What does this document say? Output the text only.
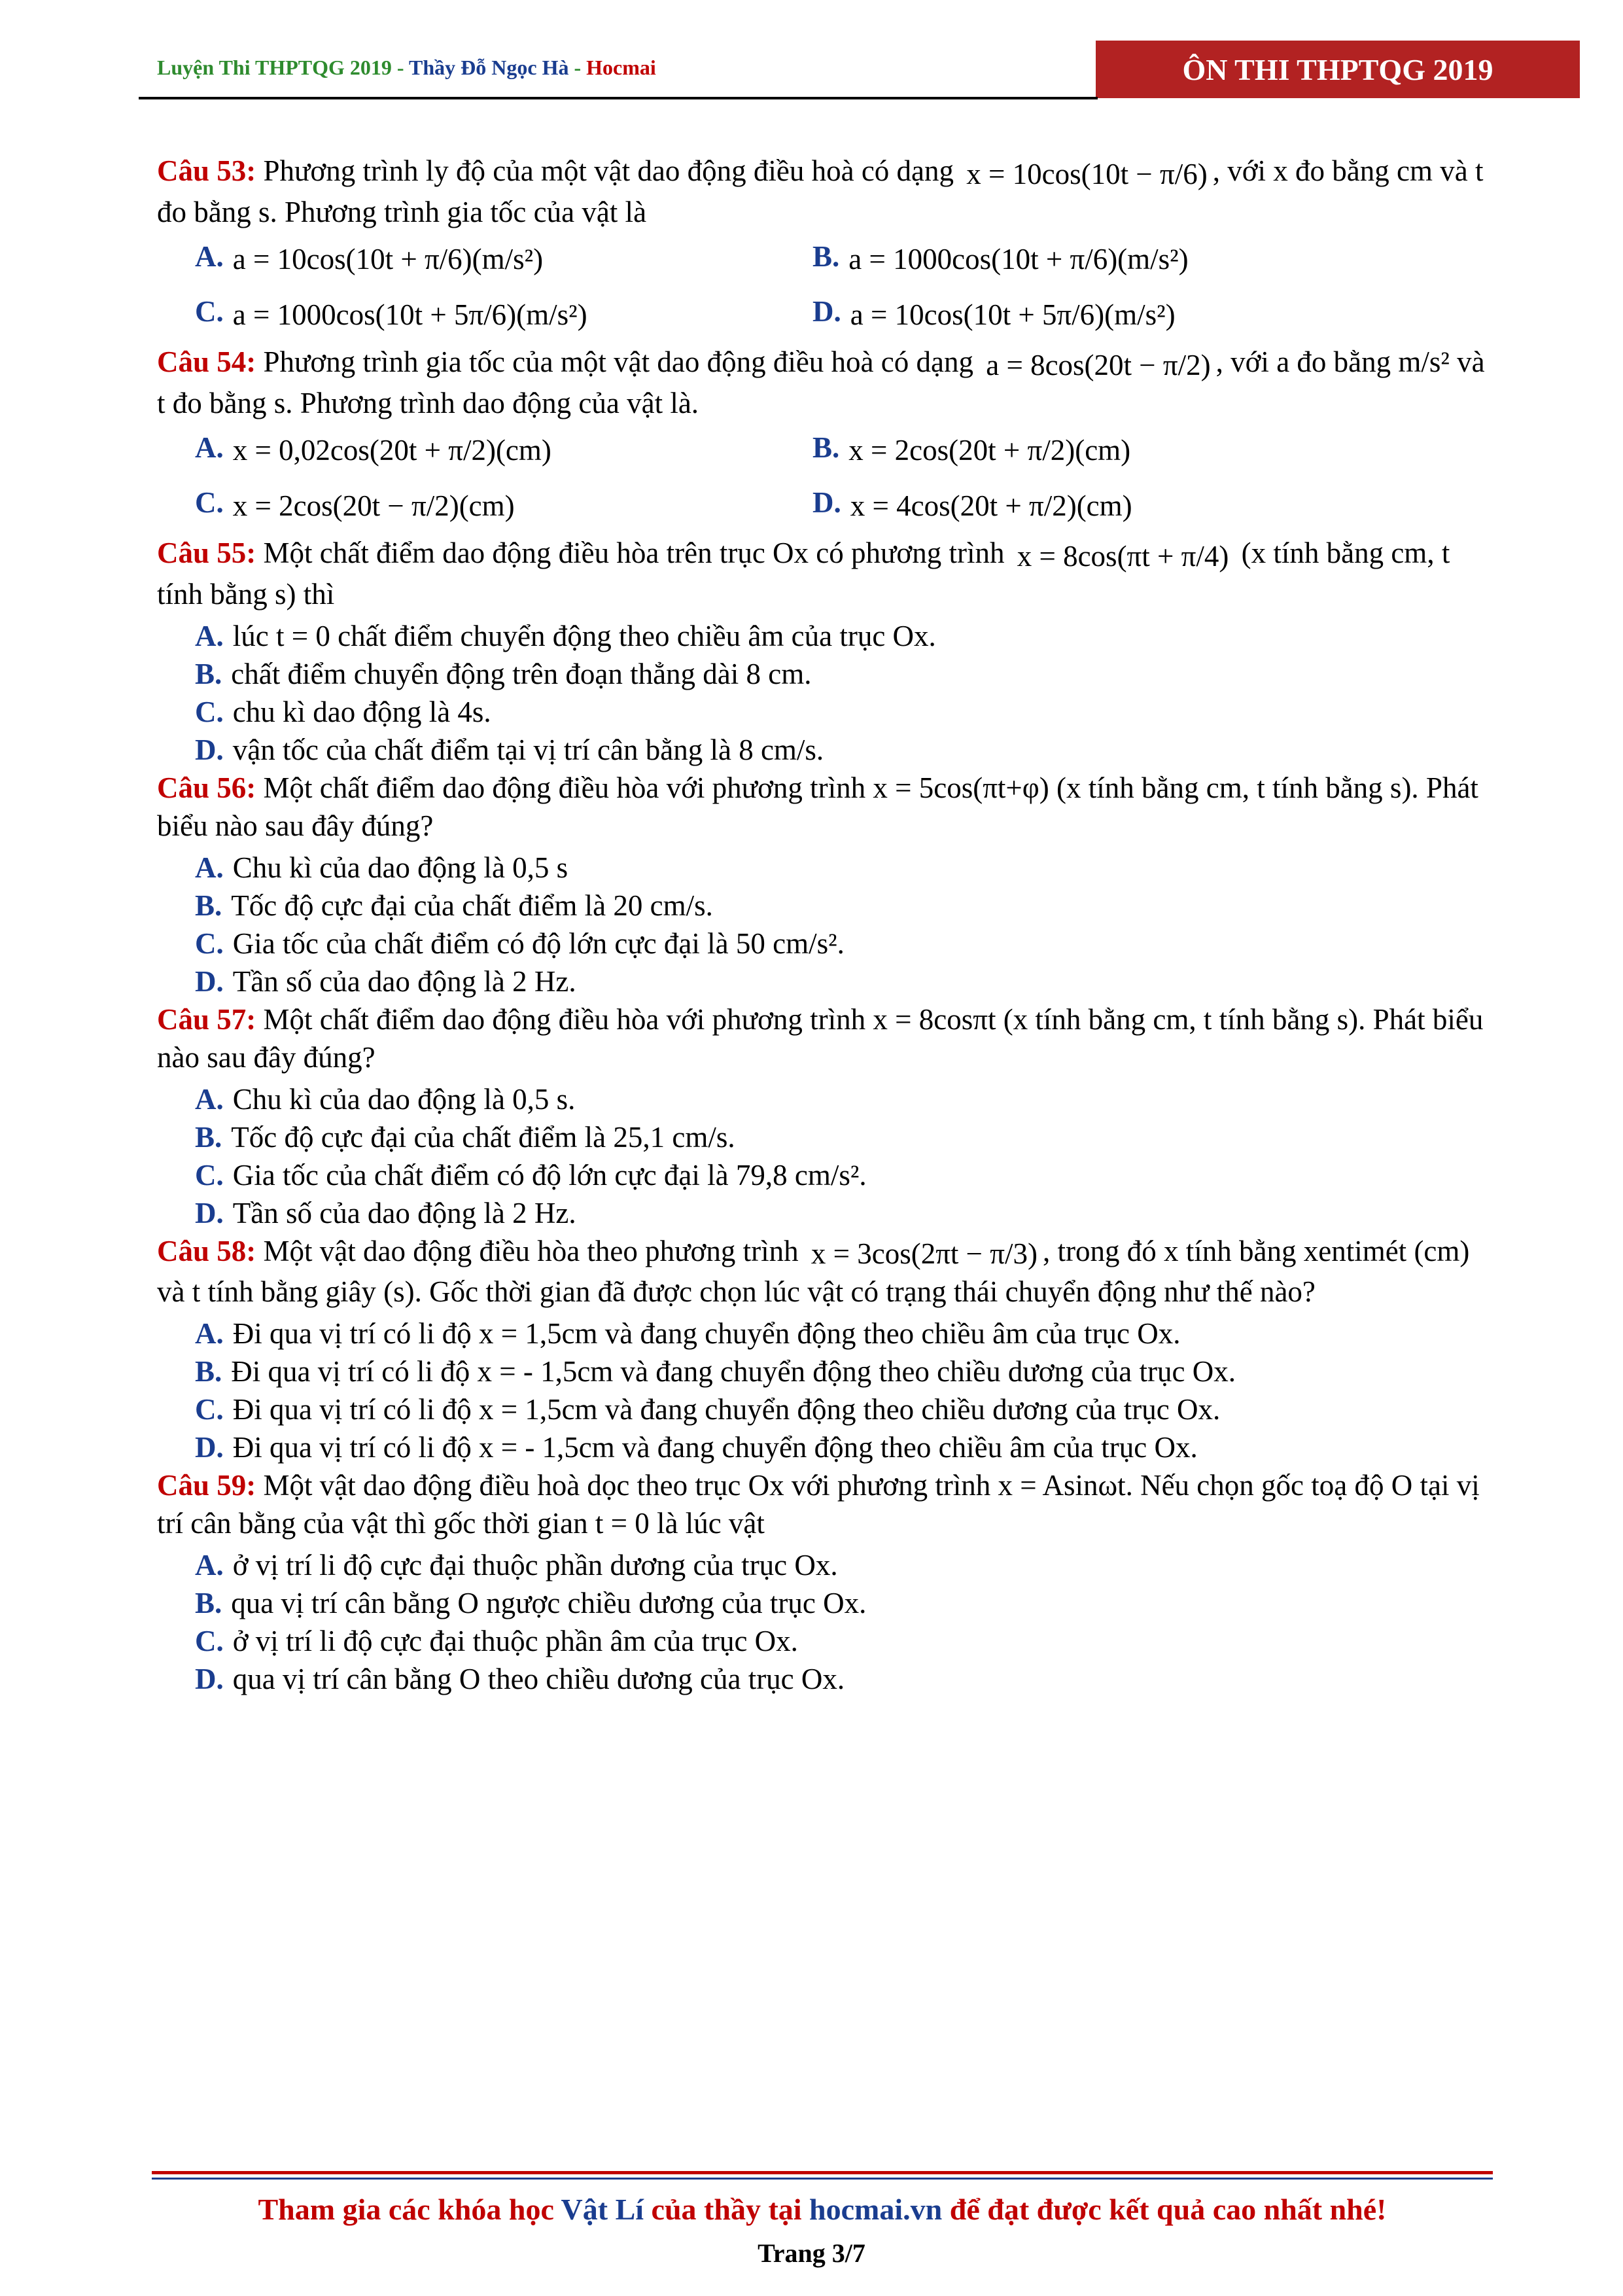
Luyện Thi THPTQG 2019 - Thầy Đỗ Ngọc Hà - Hocmai	ÔN THI THPTQG 2019
Câu 53: Phương trình ly độ của một vật dao động điều hoà có dạng x = 10cos(10t − π/6) , với x đo bằng cm và t đo bằng s. Phương trình gia tốc của vật là
A. a = 10cos(10t + π/6)(m/s²)	B. a = 1000cos(10t + π/6)(m/s²)
C. a = 1000cos(10t + 5π/6)(m/s²)	D. a = 10cos(10t + 5π/6)(m/s²)
Câu 54: Phương trình gia tốc của một vật dao động điều hoà có dạng a = 8cos(20t − π/2) , với a đo bằng m/s² và t đo bằng s. Phương trình dao động của vật là.
A. x = 0,02cos(20t + π/2)(cm)	B. x = 2cos(20t + π/2)(cm)
C. x = 2cos(20t − π/2)(cm)	D. x = 4cos(20t + π/2)(cm)
Câu 55: Một chất điểm dao động điều hòa trên trục Ox có phương trình x = 8cos(πt + π/4) (x tính bằng cm, t tính bằng s) thì
A. lúc t = 0 chất điểm chuyển động theo chiều âm của trục Ox.
B. chất điểm chuyển động trên đoạn thẳng dài 8 cm.
C. chu kì dao động là 4s.
D. vận tốc của chất điểm tại vị trí cân bằng là 8 cm/s.
Câu 56: Một chất điểm dao động điều hòa với phương trình x = 5cos(πt+φ) (x tính bằng cm, t tính bằng s). Phát biểu nào sau đây đúng?
A. Chu kì của dao động là 0,5 s
B. Tốc độ cực đại của chất điểm là 20 cm/s.
C. Gia tốc của chất điểm có độ lớn cực đại là 50 cm/s².
D. Tần số của dao động là 2 Hz.
Câu 57: Một chất điểm dao động điều hòa với phương trình x = 8cosπt (x tính bằng cm, t tính bằng s). Phát biểu nào sau đây đúng?
A. Chu kì của dao động là 0,5 s.
B. Tốc độ cực đại của chất điểm là 25,1 cm/s.
C. Gia tốc của chất điểm có độ lớn cực đại là 79,8 cm/s².
D. Tần số của dao động là 2 Hz.
Câu 58: Một vật dao động điều hòa theo phương trình x = 3cos(2πt − π/3) , trong đó x tính bằng xentimét (cm) và t tính bằng giây (s). Gốc thời gian đã được chọn lúc vật có trạng thái chuyển động như thế nào?
A. Đi qua vị trí có li độ x = 1,5cm và đang chuyển động theo chiều âm của trục Ox.
B. Đi qua vị trí có li độ x = - 1,5cm và đang chuyển động theo chiều dương của trục Ox.
C. Đi qua vị trí có li độ x = 1,5cm và đang chuyển động theo chiều dương của trục Ox.
D. Đi qua vị trí có li độ x = - 1,5cm và đang chuyển động theo chiều âm của trục Ox.
Câu 59: Một vật dao động điều hoà dọc theo trục Ox với phương trình x = Asinωt. Nếu chọn gốc toạ độ O tại vị trí cân bằng của vật thì gốc thời gian t = 0 là lúc vật
A. ở vị trí li độ cực đại thuộc phần dương của trục Ox.
B. qua vị trí cân bằng O ngược chiều dương của trục Ox.
C. ở vị trí li độ cực đại thuộc phần âm của trục Ox.
D. qua vị trí cân bằng O theo chiều dương của trục Ox.
Tham gia các khóa học Vật Lí của thầy tại hocmai.vn để đạt được kết quả cao nhất nhé!
Trang 3/7
